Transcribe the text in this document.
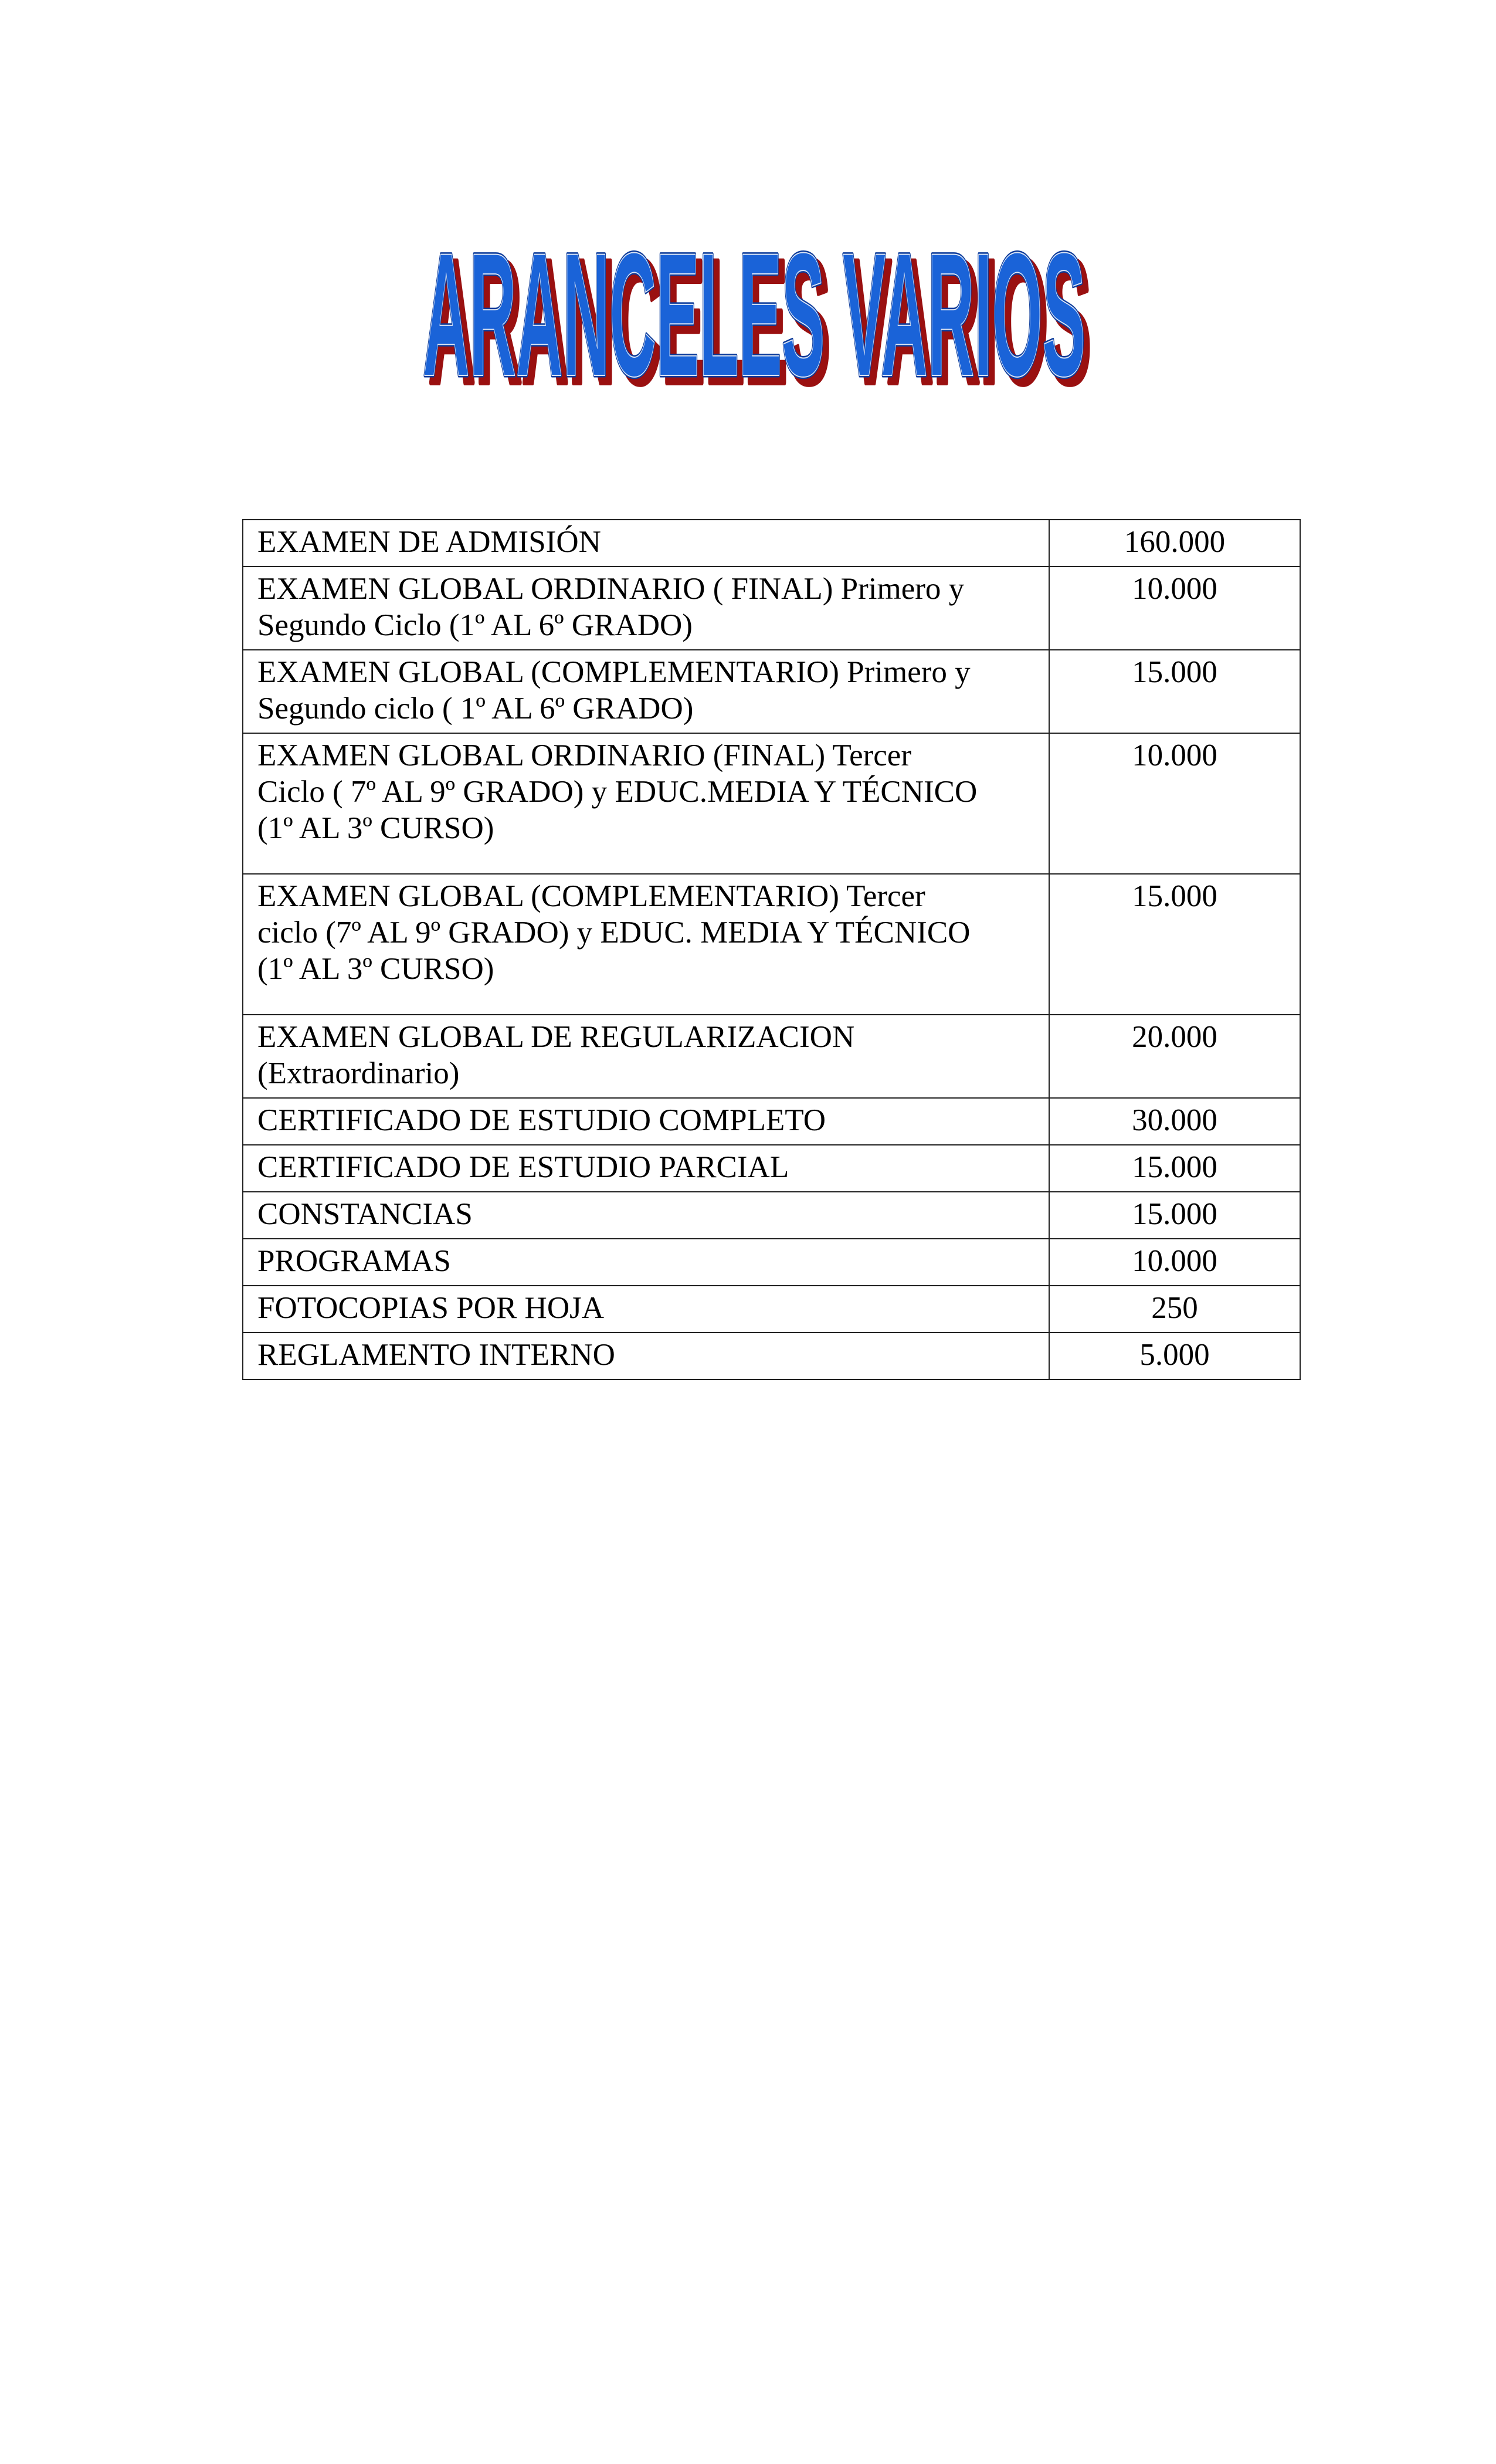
ARANCELES VARIOS
ARANCELES VARIOS
ARANCELES VARIOS
EXAMEN DE ADMISIÓN	160.000

EXAMEN GLOBAL ORDINARIO ( FINAL) Primero y
Segundo Ciclo (1º AL 6º GRADO)	10.000

EXAMEN GLOBAL (COMPLEMENTARIO) Primero y
Segundo ciclo ( 1º AL 6º GRADO)	15.000

EXAMEN GLOBAL ORDINARIO (FINAL) Tercer
Ciclo ( 7º AL 9º GRADO) y EDUC.MEDIA Y TÉCNICO
(1º AL 3º CURSO)	10.000

EXAMEN GLOBAL (COMPLEMENTARIO) Tercer
ciclo (7º AL 9º GRADO) y EDUC. MEDIA Y TÉCNICO
(1º AL 3º CURSO)	15.000

EXAMEN GLOBAL DE REGULARIZACION
(Extraordinario)	20.000

CERTIFICADO DE ESTUDIO COMPLETO	30.000

CERTIFICADO DE ESTUDIO PARCIAL	15.000

CONSTANCIAS	15.000

PROGRAMAS	10.000

FOTOCOPIAS POR HOJA	250

REGLAMENTO INTERNO	5.000
